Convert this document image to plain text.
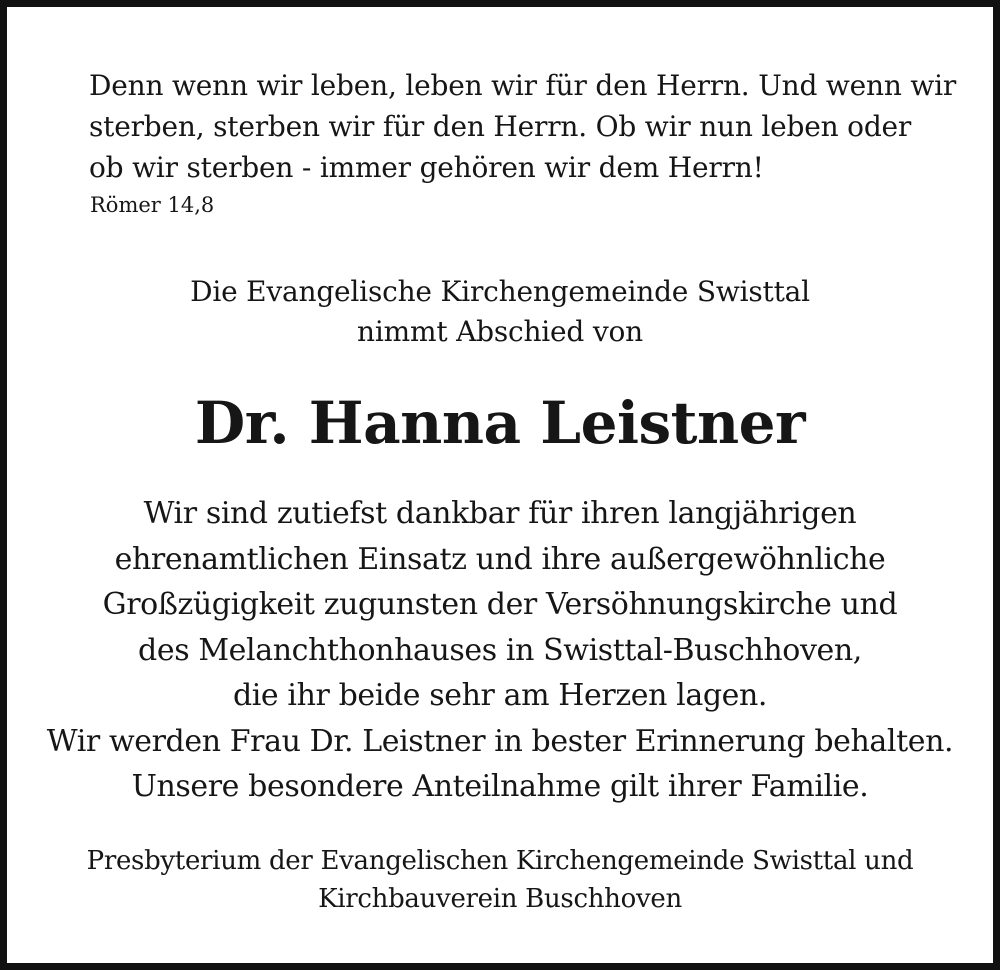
Denn wenn wir leben, leben wir für den Herrn. Und wenn wir
sterben, sterben wir für den Herrn. Ob wir nun leben oder
ob wir sterben - immer gehören wir dem Herrn!
Römer 14,8
Die Evangelische Kirchengemeinde Swisttal
nimmt Abschied von
Dr. Hanna Leistner
Wir sind zutiefst dankbar für ihren langjährigen
ehrenamtlichen Einsatz und ihre außergewöhnliche
Großzügigkeit zugunsten der Versöhnungskirche und
des Melanchthonhauses in Swisttal-Buschhoven,
die ihr beide sehr am Herzen lagen.
Wir werden Frau Dr. Leistner in bester Erinnerung behalten.
Unsere besondere Anteilnahme gilt ihrer Familie.
Presbyterium der Evangelischen Kirchengemeinde Swisttal und
Kirchbauverein Buschhoven
